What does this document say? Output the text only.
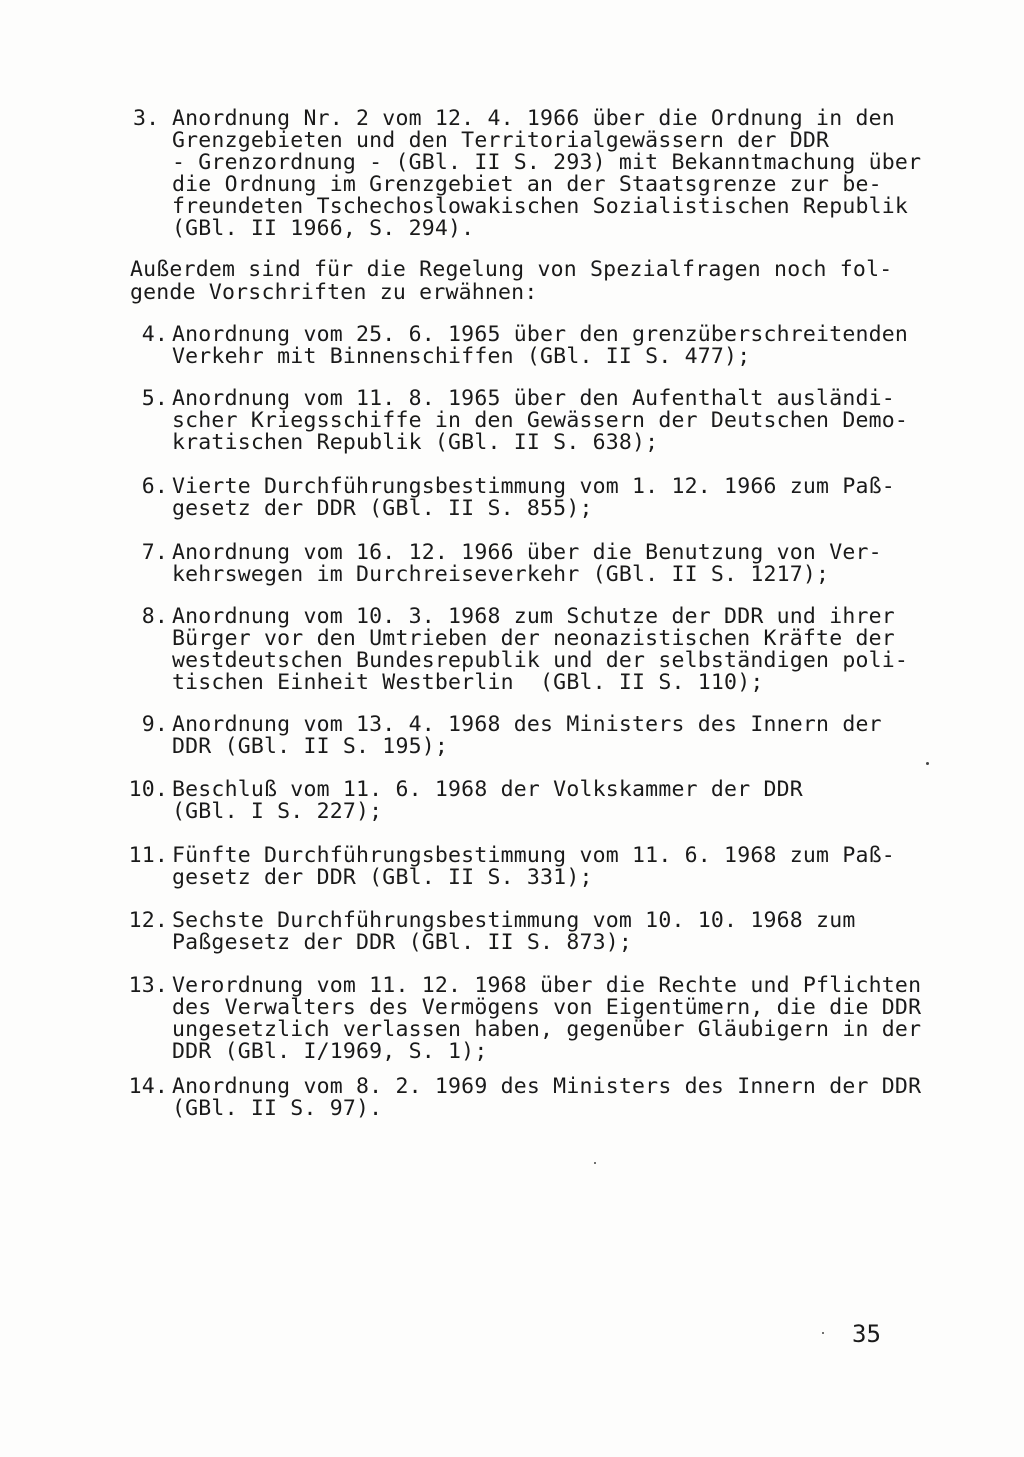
3. Anordnung Nr. 2 vom 12. 4. 1966 über die Ordnung in den
Grenzgebieten und den Territorialgewässern der DDR
- Grenzordnung - (GBl. II S. 293) mit Bekanntmachung über
die Ordnung im Grenzgebiet an der Staatsgrenze zur be-
freundeten Tschechoslowakischen Sozialistischen Republik
(GBl. II 1966, S. 294).
Außerdem sind für die Regelung von Spezialfragen noch fol-
gende Vorschriften zu erwähnen:
4. Anordnung vom 25. 6. 1965 über den grenzüberschreitenden
Verkehr mit Binnenschiffen (GBl. II S. 477);
5. Anordnung vom 11. 8. 1965 über den Aufenthalt ausländi-
scher Kriegsschiffe in den Gewässern der Deutschen Demo-
kratischen Republik (GBl. II S. 638);
6. Vierte Durchführungsbestimmung vom 1. 12. 1966 zum Paß-
gesetz der DDR (GBl. II S. 855);
7. Anordnung vom 16. 12. 1966 über die Benutzung von Ver-
kehrswegen im Durchreiseverkehr (GBl. II S. 1217);
8. Anordnung vom 10. 3. 1968 zum Schutze der DDR und ihrer
Bürger vor den Umtrieben der neonazistischen Kräfte der
westdeutschen Bundesrepublik und der selbständigen poli-
tischen Einheit Westberlin  (GBl. II S. 110);
9. Anordnung vom 13. 4. 1968 des Ministers des Innern der
DDR (GBl. II S. 195);
10. Beschluß vom 11. 6. 1968 der Volkskammer der DDR
(GBl. I S. 227);
11. Fünfte Durchführungsbestimmung vom 11. 6. 1968 zum Paß-
gesetz der DDR (GBl. II S. 331);
12. Sechste Durchführungsbestimmung vom 10. 10. 1968 zum
Paßgesetz der DDR (GBl. II S. 873);
13. Verordnung vom 11. 12. 1968 über die Rechte und Pflichten
des Verwalters des Vermögens von Eigentümern, die die DDR
ungesetzlich verlassen haben, gegenüber Gläubigern in der
DDR (GBl. I/1969, S. 1);
14. Anordnung vom 8. 2. 1969 des Ministers des Innern der DDR
(GBl. II S. 97).
35
